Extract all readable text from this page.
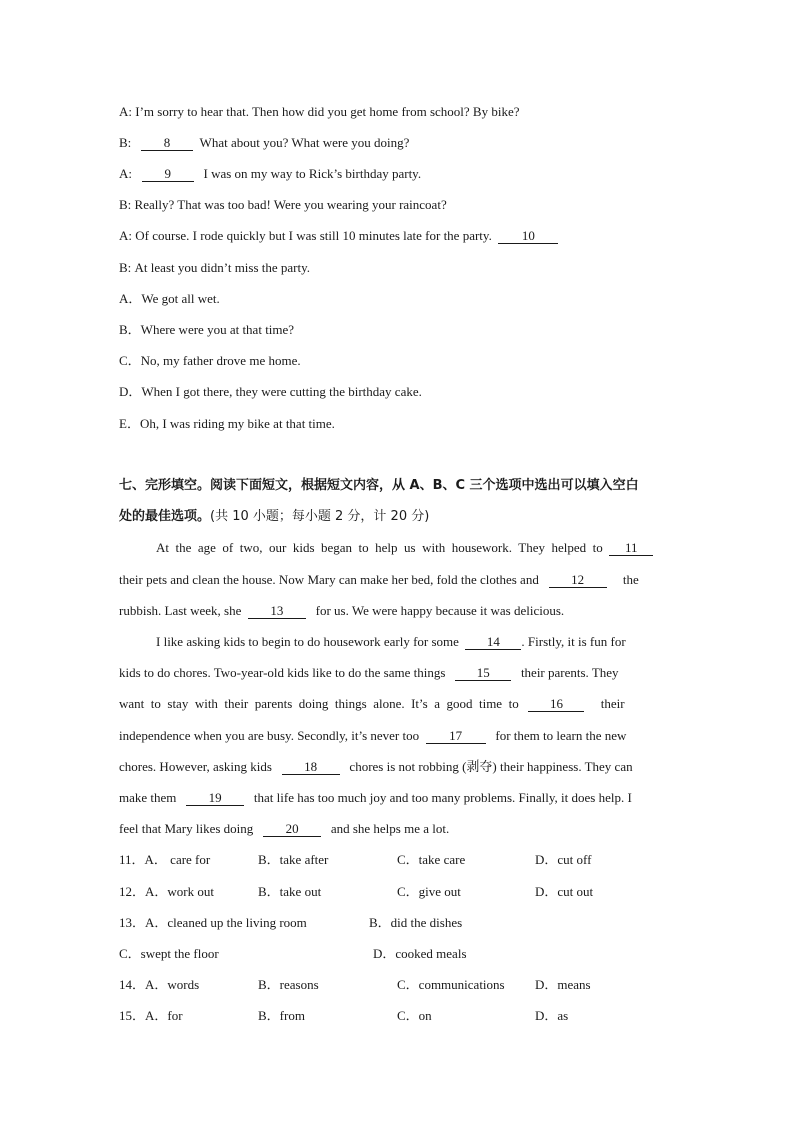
A: I’m sorry to hear that. Then how did you get home from school? By bike?
B:	8 What about you? What were you doing?
A:	9	I was on my way to Rick’s birthday party.
B: Really? That was too bad! Were you wearing your raincoat?
A: Of course. I rode quickly but I was still 10 minutes late for the party. 10
B: At least you didn’t miss the party.
A．We got all wet.
B．Where were you at that time?
C．No, my father drove me home.
D．When I got there, they were cutting the birthday cake.
E．Oh, I was riding my bike at that time.
七、完形填空。阅读下面短文，根据短文内容，从 A、B、C 三个选项中选出可以填入空白
处的最佳选项。(共 10 小题；每小题 2 分，计 20 分)
At  the  age  of  two,  our  kids  began  to  help  us  with  housework.  They  helped  to 11
their pets and clean the house. Now Mary can make her bed, fold the clothes and 12	the
rubbish. Last week, she 13 for us. We were happy because it was delicious.
I like asking kids to begin to do housework early for some 14 . Firstly, it is fun for
kids to do chores. Two-year-old kids like to do the same things 15 their parents. They
want  to  stay  with  their  parents  doing  things  alone.  It’s  a  good  time  to 16	their
independence when you are busy. Secondly, it’s never too 17	for them to learn the new
chores. However, asking kids 18 chores is not robbing (剥夺) their happiness. They can
make them 19 that life has too much joy and too many problems. Finally, it does help. I
feel that Mary likes doing 20 and she helps me a lot.
11．A． care for	B．take after	C．take care	D．cut off
12．A．work out	B．take out	C．give out	D．cut out
13．A．cleaned up the living room	B．did the dishes
C．swept the floor	D．cooked meals
14．A．words	B．reasons	C．communications D．means
15．A．for	B．from	C．on	D．as
